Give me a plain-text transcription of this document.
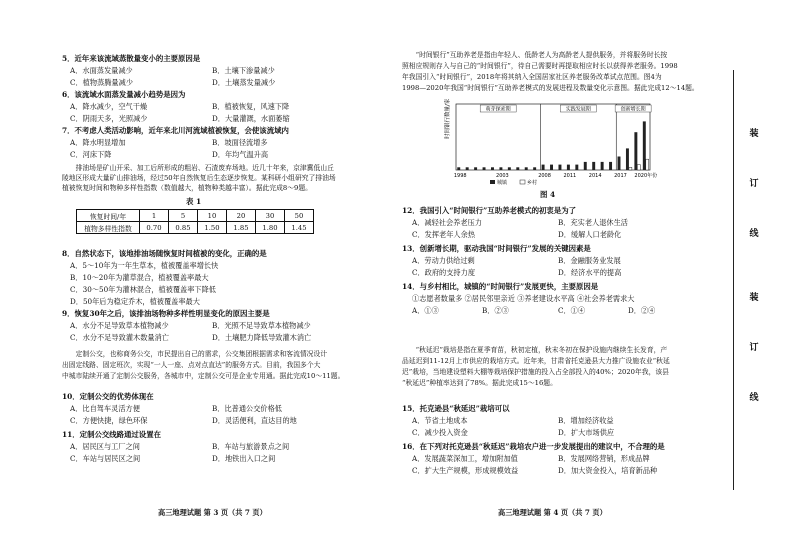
5．近年来该流域蒸散量变小的主要原因是
A．水面蒸发量减少	B．土壤下渗量减少
C．植物蒸腾量减少	D．土壤蒸发量减少
6．该流域水面蒸发量减小趋势是因为
A．降水减少，空气干燥	B．植被恢复，风速下降
C．阴雨天多，光照减少	D．大量灌溉，水面萎缩
7．不考虑人类活动影响，近年来北川河流域植被恢复，会使该流域内
A．降水明显增加	B．坡面径流增多
C．河床下降	D．年均气温升高
　　排油场是矿山开采、加工后所形成的粗岩、石渣废弃场地。近几十年来，京津冀低山丘
陵地区形成大量矿山排油场，经过50年自然恢复后生态逐步恢复。某科研小组研究了排油场
植被恢复时间和物种多样性指数（数值越大，植物种类越丰富）。据此完成8～9题。
表 1
恢复时间/年	1	5	10	20	30	50
植物多样性指数	0.70	0.85	1.50	1.85	1.80	1.45
8．自然状态下，该地排油场随恢复时间植被的变化，正确的是
A．5～10年为一年生草本，植被覆盖率增长快
B．10～20年为灌草混合，植被覆盖率最大
C．30～50年为灌林混合，植被覆盖率下降低
D．50年后为稳定乔木，植被覆盖率最大
9．恢复30年之后，该排油场物种多样性明显变化的原因主要是
A．水分不足导致草本植物减少	B．光照不足导致草本植物减少
C．水分不足导致灌木数量消亡	D．土壤肥力降低导致灌木消亡
　　定制公交，也称商务公交，市民提出自己的需求，公交集团根据需求和客流情况设计
出固定线路、固定班次，实现“一人一座、点对点直达”的服务方式。目前，我国多个大
中城市陆续开通了定制公交服务，各城市中，定制公交可是企业专用通。据此完成10～11题。
10．定制公交的优势体现在
A．比自驾车灵活方便	B．比普通公交价格低
C．方便快捷，绿色环保	D．灵活便利，直达目的地
11．定制公交线路通过设置在
A．居民区与工厂之间	B．车站与旅游景点之间
C．车站与居民区之间	D．地铁出入口之间
高三地理试题 第 3 页（共 7 页）
　　“时间银行”互助养老是指由年轻人、低龄老人为高龄老人提供服务，并将服务时长按
照相应规则存入与自己的“时间银行”，待自己需要时再提取相应时长以获得养老服务。1998
年我国引入“时间银行”，2018年将其纳入全国居家社区养老服务改革试点范围。图4为
1998—2020年我国“时间银行”互助养老模式的发展进程及数量变化示意图。据此完成12～14题。
时间银行数量/家	萌芽探索期	实践发展期	创新增长期
1998	2003	2008	2011	2014	2017 2020年份
城镇	乡村
图 4
12．我国引入“时间银行”互助养老模式的初衷是为了
A．减轻社会养老压力	B．充实老人退休生活
C．发挥老年人余热	D．缓解人口老龄化
13．创新增长期，驱动我国“时间银行”发展的关键因素是
A．劳动力供给过剩	B．金融服务业发展
C．政府的支持力度	D．经济水平的提高
14．与乡村相比，城镇的“时间银行”发展更快，主要原因是
①志愿者数量多 ②居民邻里亲近 ③养老建设水平高 ④社会养老需求大
A．①③	B．②③	C．①④	D．②④
　　“秋延迟”栽培是指在夏季育苗，秋初定植，秋末冬初在保护设施内继续生长发育，产
品延迟到11-12月上市供应的栽培方式。近年来，甘肃省托克逊县大力推广设施农业“秋延
迟”栽培，当地建设塑料大棚等栽培保护措施的投入占全部投入的40%；2020年我，该县
“秋延迟”种植率达到了78%。据此完成15～16题。
15．托克逊县“秋延迟”栽培可以
A．节省土地成本	B．增加经济收益
C．减少投入资金	D．扩大市场供应
16．在下列对托克逊县“秋延迟”栽培农户进一步发展提出的建议中，不合理的是
A．发展蔬菜深加工，增加附加值	B．发展网络营销，形成品牌
C．扩大生产规模，形成规模效益	D．加大资金投入，培育新品种
高三地理试题 第 4 页（共 7 页）
装
订
线
装
订
线
